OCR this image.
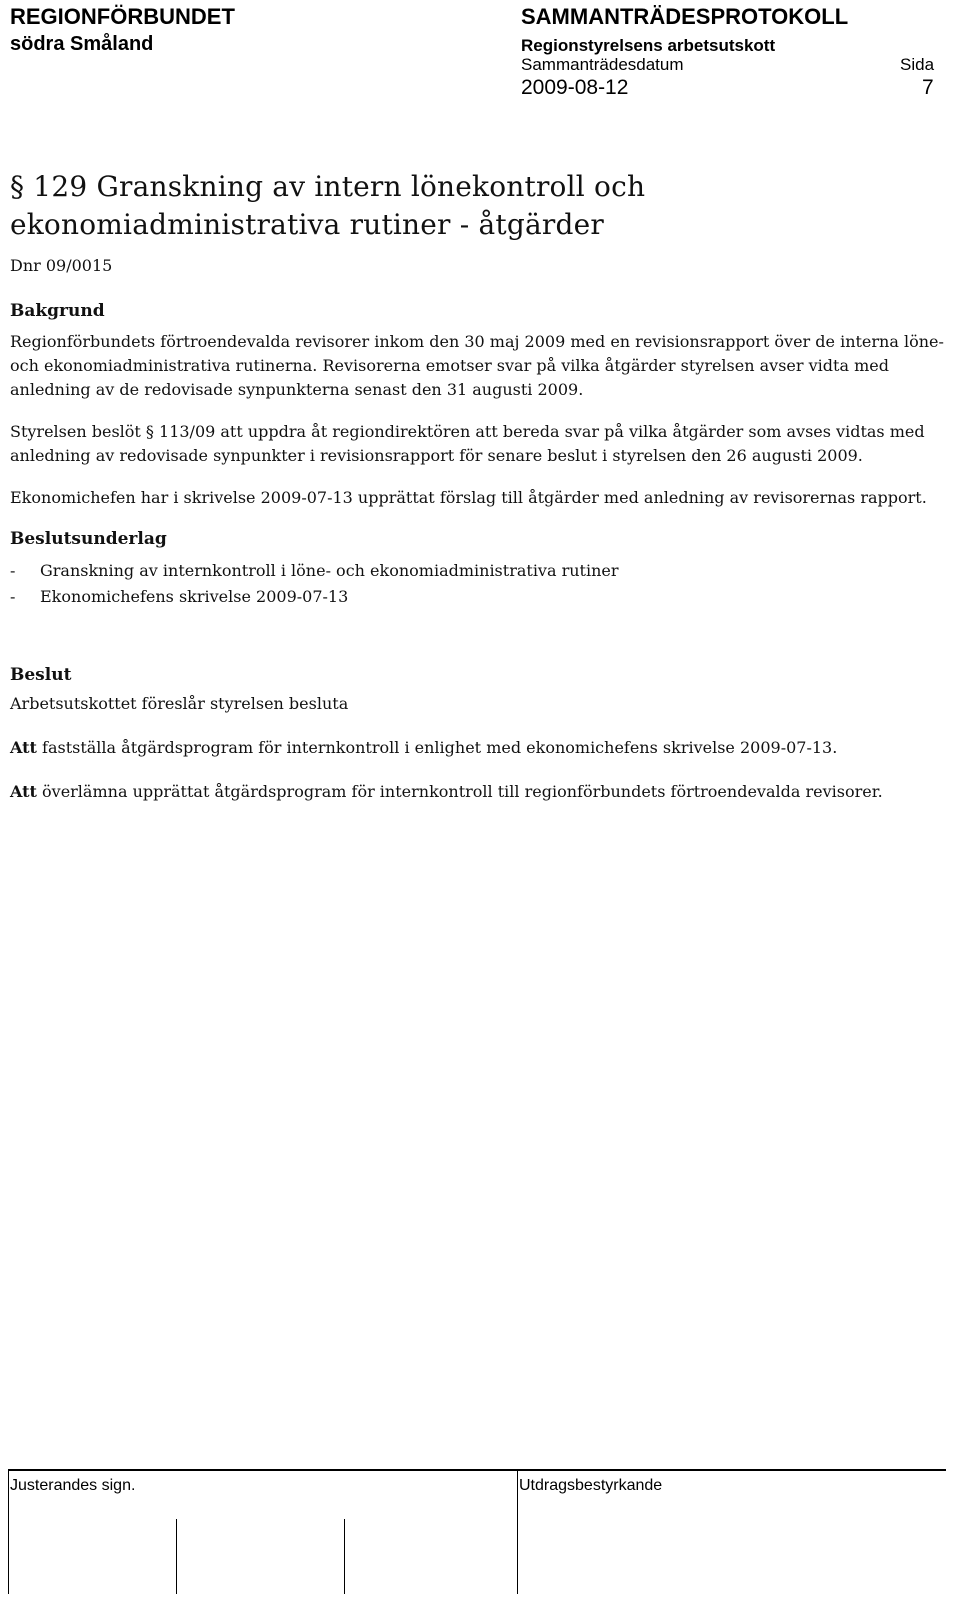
REGIONFÖRBUNDET
södra Småland
SAMMANTRÄDESPROTOKOLL
Regionstyrelsens arbetsutskott
Sammanträdesdatum	Sida
2009-08-12	7
§ 129 Granskning av intern lönekontroll och ekonomiadministrativa rutiner - åtgärder

Dnr 09/0015

Bakgrund

Regionförbundets förtroendevalda revisorer inkom den 30 maj 2009 med en revisionsrapport över de interna löne- och ekonomiadministrativa rutinerna. Revisorerna emotser svar på vilka åtgärder styrelsen avser vidta med anledning av de redovisade synpunkterna senast den 31 augusti 2009.

Styrelsen beslöt § 113/09 att uppdra åt regiondirektören att bereda svar på vilka åtgärder som avses vidtas med anledning av redovisade synpunkter i revisionsrapport för senare beslut i styrelsen den 26 augusti 2009.

Ekonomichefen har i skrivelse 2009-07-13 upprättat förslag till åtgärder med anledning av revisorernas rapport.

Beslutsunderlag

-	Granskning av internkontroll i löne- och ekonomiadministrativa rutiner
-	Ekonomichefens skrivelse 2009-07-13

Beslut

Arbetsutskottet föreslår styrelsen besluta

Att fastställa åtgärdsprogram för internkontroll i enlighet med ekonomichefens skrivelse 2009-07-13.

Att överlämna upprättat åtgärdsprogram för internkontroll till regionförbundets förtroendevalda revisorer.

Justerandes sign.	Utdragsbestyrkande
